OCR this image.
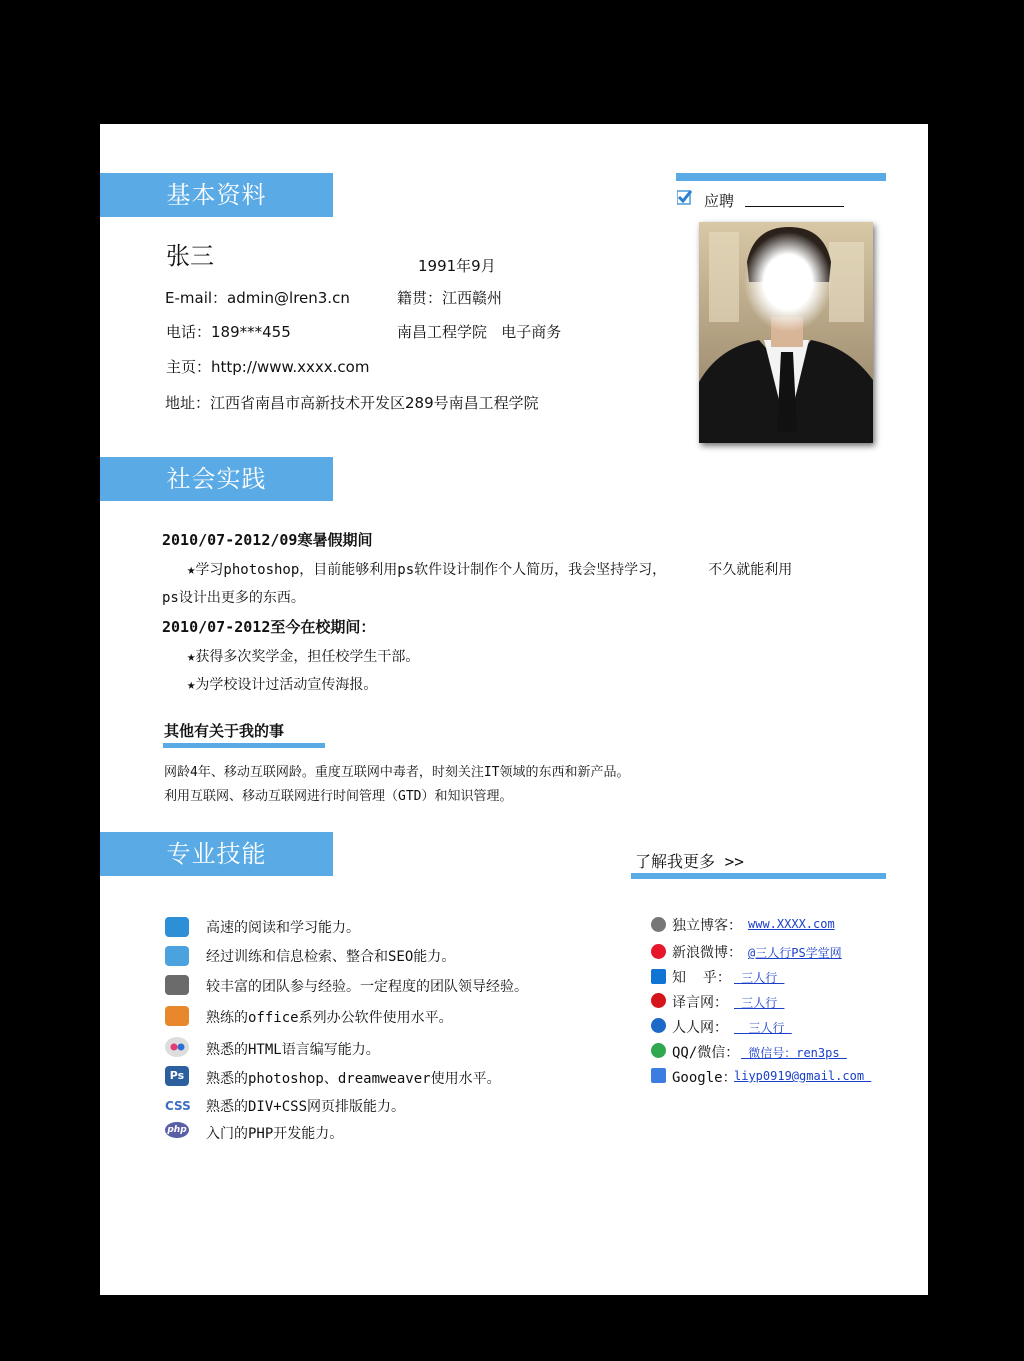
基本资料
张三	1991年9月
E-mail：admin@lren3.cn	籍贯：江西赣州
电话：189***455	南昌工程学院   电子商务
主页：http://www.xxxx.com
地址：江西省南昌市高新技术开发区289号南昌工程学院
应聘
社会实践
2010/07-2012/09寒暑假期间
★学习photoshop，目前能够利用ps软件设计制作个人简历，我会坚持学习，     不久就能利用
ps设计出更多的东西。
2010/07-2012至今在校期间：
★获得多次奖学金，担任校学生干部。
★为学校设计过活动宣传海报。
其他有关于我的事
网龄4年、移动互联网龄。重度互联网中毒者，时刻关注IT领域的东西和新产品。
利用互联网、移动互联网进行时间管理（GTD）和知识管理。
专业技能
高速的阅读和学习能力。
经过训练和信息检索、整合和SEO能力。
较丰富的团队参与经验。一定程度的团队领导经验。
熟练的office系列办公软件使用水平。
熟悉的HTML语言编写能力。
Ps	熟悉的photoshop、dreamweaver使用水平。
CSS 熟悉的DIV+CSS网页排版能力。
php 入门的PHP开发能力。
了解我更多 >>
独立博客： www.XXXX.com
新浪微博： @三人行PS学堂网
知  乎： 三人行
译言网： 三人行
人人网： 三人行
QQ/微信： 微信号：ren3ps
Google：
liyp0919@gmail.com
